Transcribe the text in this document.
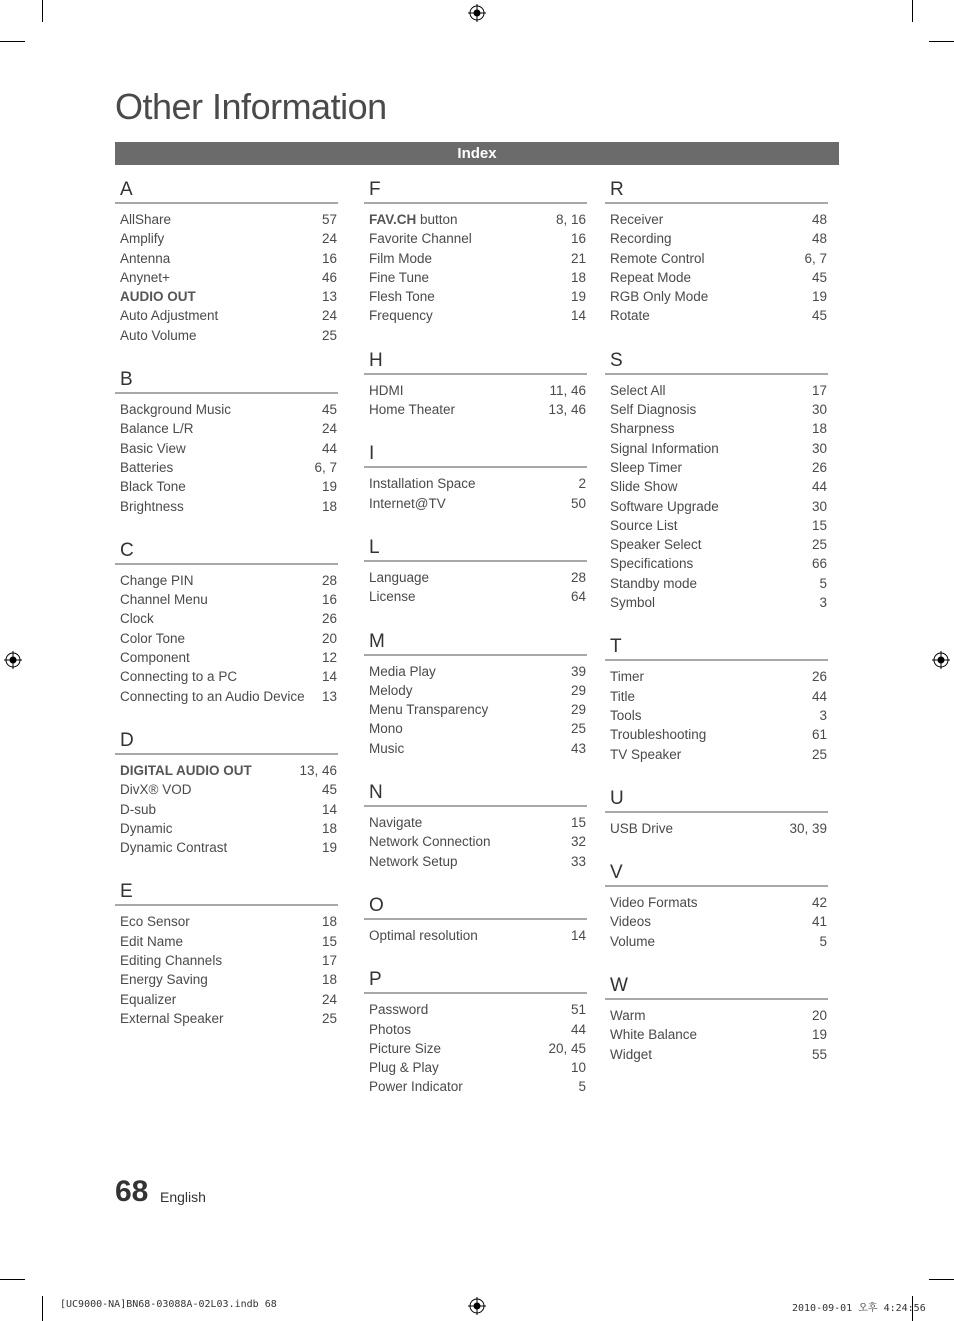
Other Information
Index
A
AllShare	57
Amplify	24
Antenna	16
Anynet+	46
AUDIO OUT	13
Auto Adjustment	24
Auto Volume	25
B
Background Music	45
Balance L/R	24
Basic View	44
Batteries	6, 7
Black Tone	19
Brightness	18
C
Change PIN	28
Channel Menu	16
Clock	26
Color Tone	20
Component	12
Connecting to a PC	14
Connecting to an Audio Device 13
D
DIGITAL AUDIO OUT	13, 46
DivX® VOD	45
D-sub	14
Dynamic	18
Dynamic Contrast	19
E
Eco Sensor	18
Edit Name	15
Editing Channels	17
Energy Saving	18
Equalizer	24
External Speaker	25
F
FAV.CH button	8, 16
Favorite Channel	16
Film Mode	21
Fine Tune	18
Flesh Tone	19
Frequency	14
H
HDMI	11, 46
Home Theater	13, 46
I
Installation Space	2
Internet@TV	50
L
Language	28
License	64
M
Media Play	39
Melody	29
Menu Transparency	29
Mono	25
Music	43
N
Navigate	15
Network Connection	32
Network Setup	33
O
Optimal resolution	14
P
Password	51
Photos	44
Picture Size	20, 45
Plug & Play	10
Power Indicator	5
R
Receiver	48
Recording	48
Remote Control	6, 7
Repeat Mode	45
RGB Only Mode	19
Rotate	45
S
Select All	17
Self Diagnosis	30
Sharpness	18
Signal Information	30
Sleep Timer	26
Slide Show	44
Software Upgrade	30
Source List	15
Speaker Select	25
Specifications	66
Standby mode	5
Symbol	3
T
Timer	26
Title	44
Tools	3
Troubleshooting	61
TV Speaker	25
U
USB Drive	30, 39
V
Video Formats	42
Videos	41
Volume	5
W
Warm	20
White Balance	19
Widget	55
68 English
[UC9000-NA]BN68-03088A-02L03.indb 68	2010-09-01 오후 4:24:56
